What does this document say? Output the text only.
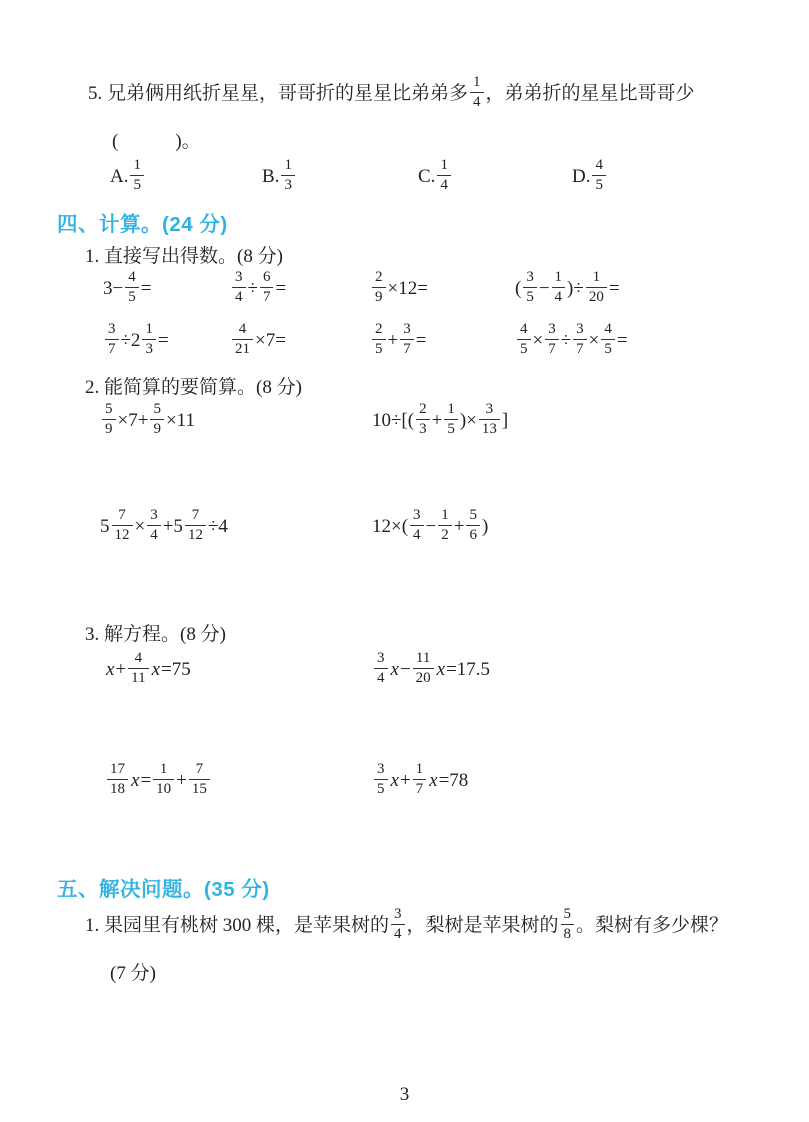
5. 兄弟俩用纸折星星，哥哥折的星星比弟弟多 $\frac{1}{4}$ ，弟弟折的星星比哥哥少
(　　　)。
A. $\frac{1}{5}$	B. $\frac{1}{3}$	C. $\frac{1}{4}$	D. $\frac{4}{5}$
四、计算。(24 分)
1. 直接写出得数。(8 分)
$3- \frac{4}{5}$ =	$\frac{3}{4} \div \frac{6}{7}$ =	$\frac{2}{9} \times 12=$	( $\frac{3}{5} - \frac{1}{4}$ )÷ $\frac{1}{20}$ =
$\frac{3}{7} \div 2 \frac{1}{3}$ =	$\frac{4}{21} \times 7=$	$\frac{2}{5} + \frac{3}{7}$ =	$\frac{4}{5} \times \frac{3}{7} \div \frac{3}{7} \times \frac{4}{5}$ =
2. 能简算的要简算。(8 分)
$\frac{5}{9} \times 7+ \frac{5}{9} \times 11$	$10\div[( \frac{2}{3} + \frac{1}{5}$ )× $\frac{3}{13}$ ]
$5 \frac{7}{12} \times \frac{3}{4} +5 \frac{7}{12} \div 4$	$12\times( \frac{3}{4} - \frac{1}{2} + \frac{5}{6}$ )
3. 解方程。(8 分)
$x+ \frac{4}{11} x=75$	$\frac{3}{4} x- \frac{11}{20} x=17.5$
$\frac{17}{18} x= \frac{1}{10} + \frac{7}{15}$	$\frac{3}{5} x+ \frac{1}{7} x=78$
五、解决问题。(35 分)
1. 果园里有桃树 300 棵，是苹果树的 $\frac{3}{4}$ ，梨树是苹果树的 $\frac{5}{8}$ 。梨树有多少棵？
(7 分)
3
